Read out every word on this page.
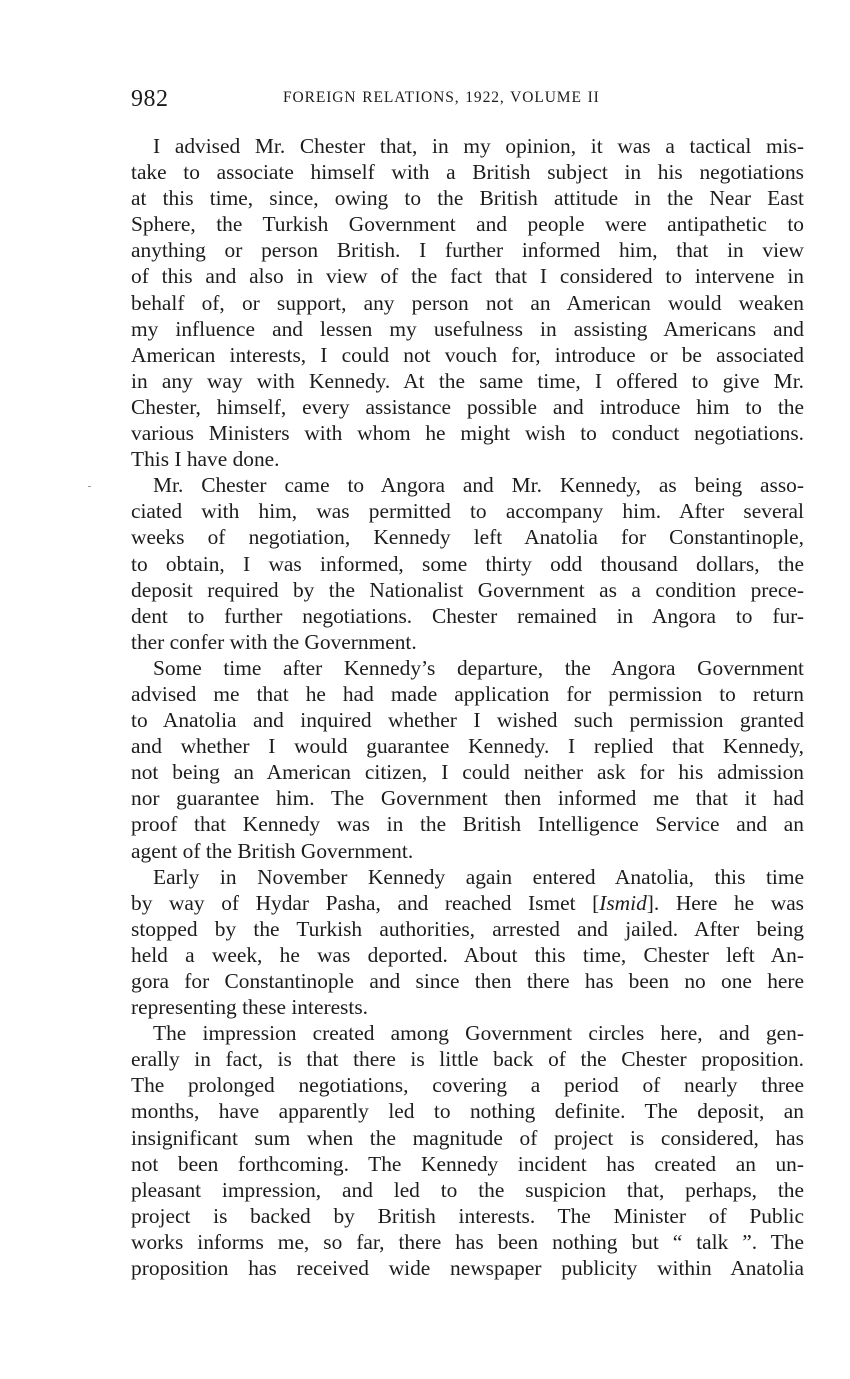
982	FOREIGN RELATIONS, 1922, VOLUME II

I advised Mr. Chester that, in my opinion, it was a tactical mis-
take to associate himself with a British subject in his negotiations
at this time, since, owing to the British attitude in the Near East
Sphere, the Turkish Government and people were antipathetic to
anything or person British. I further informed him, that in view
of this and also in view of the fact that I considered to intervene in
behalf of, or support, any person not an American would weaken
my influence and lessen my usefulness in assisting Americans and
American interests, I could not vouch for, introduce or be associated
in any way with Kennedy. At the same time, I offered to give Mr.
Chester, himself, every assistance possible and introduce him to the
various Ministers with whom he might wish to conduct negotiations.
This I have done.

Mr. Chester came to Angora and Mr. Kennedy, as being asso-
ciated with him, was permitted to accompany him. After several
weeks of negotiation, Kennedy left Anatolia for Constantinople,
to obtain, I was informed, some thirty odd thousand dollars, the
deposit required by the Nationalist Government as a condition prece-
dent to further negotiations. Chester remained in Angora to fur-
ther confer with the Government.

Some time after Kennedy’s departure, the Angora Government
advised me that he had made application for permission to return
to Anatolia and inquired whether I wished such permission granted
and whether I would guarantee Kennedy. I replied that Kennedy,
not being an American citizen, I could neither ask for his admission
nor guarantee him. The Government then informed me that it had
proof that Kennedy was in the British Intelligence Service and an
agent of the British Government.

Early in November Kennedy again entered Anatolia, this time
by way of Hydar Pasha, and reached Ismet [Ismid]. Here he was
stopped by the Turkish authorities, arrested and jailed. After being
held a week, he was deported. About this time, Chester left An-
gora for Constantinople and since then there has been no one here
representing these interests.

The impression created among Government circles here, and gen-
erally in fact, is that there is little back of the Chester proposition.
The prolonged negotiations, covering a period of nearly three
months, have apparently led to nothing definite. The deposit, an
insignificant sum when the magnitude of project is considered, has
not been forthcoming. The Kennedy incident has created an un-
pleasant impression, and led to the suspicion that, perhaps, the
project is backed by British interests. The Minister of Public
works informs me, so far, there has been nothing but “ talk ”. The
proposition has received wide newspaper publicity within Anatolia
